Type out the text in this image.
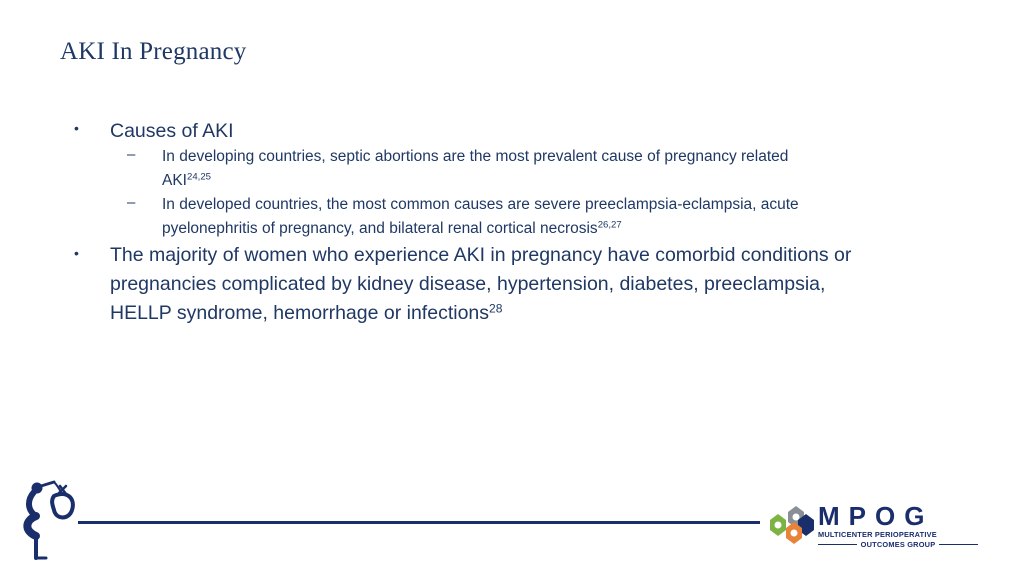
AKI In Pregnancy
• Causes of AKI
– In developing countries, septic abortions are the most prevalent cause of pregnancy related
AKI$^{24,25}$
– In developed countries, the most common causes are severe preeclampsia-eclampsia, acute
pyelonephritis of pregnancy, and bilateral renal cortical necrosis$^{26,27}$
• The majority of women who experience AKI in pregnancy have comorbid conditions or
pregnancies complicated by kidney disease, hypertension, diabetes, preeclampsia,
HELLP syndrome, hemorrhage or infections$^{28}$
MPOG
MULTICENTER PERIOPERATIVE
OUTCOMES GROUP
